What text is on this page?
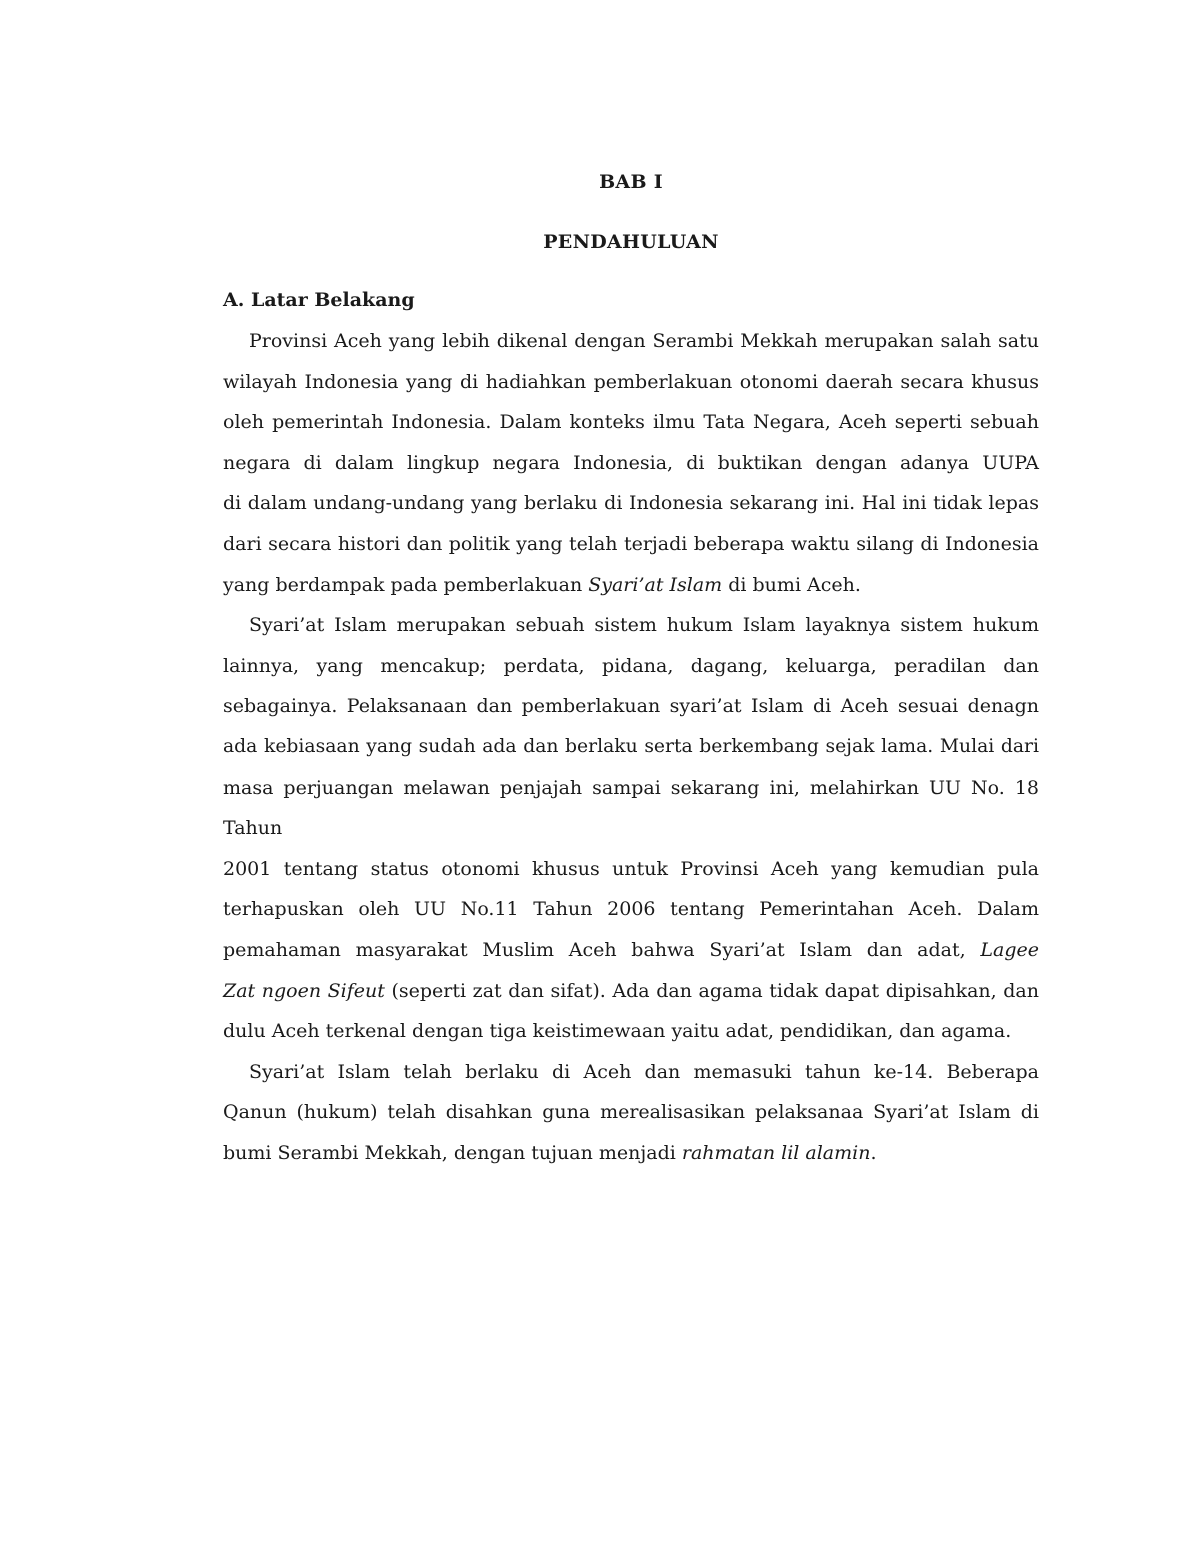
BAB I

PENDAHULUAN

A. Latar Belakang

Provinsi Aceh yang lebih dikenal dengan Serambi Mekkah merupakan salah satu
wilayah Indonesia yang di hadiahkan pemberlakuan otonomi daerah secara khusus
oleh pemerintah Indonesia. Dalam konteks ilmu Tata Negara, Aceh seperti sebuah
negara di dalam lingkup negara Indonesia, di buktikan dengan adanya UUPA
di dalam undang-undang yang berlaku di Indonesia sekarang ini. Hal ini tidak lepas
dari secara histori dan politik yang telah terjadi beberapa waktu silang di Indonesia
yang berdampak pada pemberlakuan Syari’at Islam di bumi Aceh.
Syari’at Islam merupakan sebuah sistem hukum Islam layaknya sistem hukum
lainnya, yang mencakup; perdata, pidana, dagang, keluarga, peradilan dan
sebagainya. Pelaksanaan dan pemberlakuan syari’at Islam di Aceh sesuai denagn
ada kebiasaan yang sudah ada dan berlaku serta berkembang sejak lama. Mulai dari
masa perjuangan melawan penjajah sampai sekarang ini, melahirkan UU No. 18
Tahun
2001 tentang status otonomi khusus untuk Provinsi Aceh yang kemudian pula
terhapuskan oleh UU No.11 Tahun 2006 tentang Pemerintahan Aceh. Dalam
pemahaman masyarakat Muslim Aceh bahwa Syari’at Islam dan adat, Lagee
Zat ngoen Sifeut (seperti zat dan sifat). Ada dan agama tidak dapat dipisahkan, dan
dulu Aceh terkenal dengan tiga keistimewaan yaitu adat, pendidikan, dan agama.
Syari’at Islam telah berlaku di Aceh dan memasuki tahun ke-14. Beberapa
Qanun (hukum) telah disahkan guna merealisasikan pelaksanaa Syari’at Islam di
bumi Serambi Mekkah, dengan tujuan menjadi rahmatan lil alamin.
